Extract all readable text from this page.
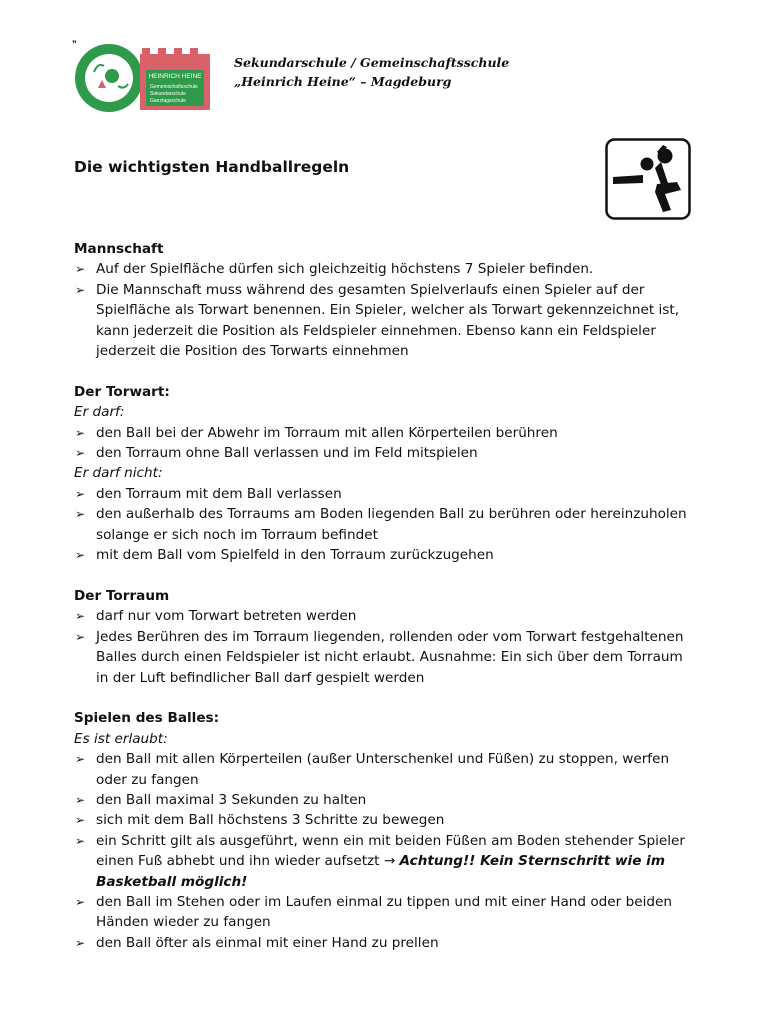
❞
HEINRICH HEINE
Gemeinschaftsschule
Sekundarschule
Ganztagsschule
Sekundarschule / Gemeinschaftsschule
„Heinrich Heine“ – Magdeburg
Die wichtigsten Handballregeln

Mannschaft

➢ Auf der Spielfläche dürfen sich gleichzeitig höchstens 7 Spieler befinden.
➢ Die Mannschaft muss während des gesamten Spielverlaufs einen Spieler auf der Spielfläche als Torwart benennen. Ein Spieler, welcher als Torwart gekennzeichnet ist, kann jederzeit die Position als Feldspieler einnehmen. Ebenso kann ein Feldspieler jederzeit die Position des Torwarts einnehmen

Der Torwart:

Er darf:

➢ den Ball bei der Abwehr im Torraum mit allen Körperteilen berühren
➢ den Torraum ohne Ball verlassen und im Feld mitspielen

Er darf nicht:

➢ den Torraum mit dem Ball verlassen
➢ den außerhalb des Torraums am Boden liegenden Ball zu berühren oder hereinzuholen solange er sich noch im Torraum befindet
➢ mit dem Ball vom Spielfeld in den Torraum zurückzugehen

Der Torraum

➢ darf nur vom Torwart betreten werden
➢ Jedes Berühren des im Torraum liegenden, rollenden oder vom Torwart festgehaltenen Balles durch einen Feldspieler ist nicht erlaubt. Ausnahme: Ein sich über dem Torraum in der Luft befindlicher Ball darf gespielt werden

Spielen des Balles:

Es ist erlaubt:

➢ den Ball mit allen Körperteilen (außer Unterschenkel und Füßen) zu stoppen, werfen oder zu fangen
➢ den Ball maximal 3 Sekunden zu halten
➢ sich mit dem Ball höchstens 3 Schritte zu bewegen
➢ ein Schritt gilt als ausgeführt, wenn ein mit beiden Füßen am Boden stehender Spieler einen Fuß abhebt und ihn wieder aufsetzt → Achtung!! Kein Sternschritt wie im Basketball möglich!
➢ den Ball im Stehen oder im Laufen einmal zu tippen und mit einer Hand oder beiden Händen wieder zu fangen
➢ den Ball öfter als einmal mit einer Hand zu prellen
